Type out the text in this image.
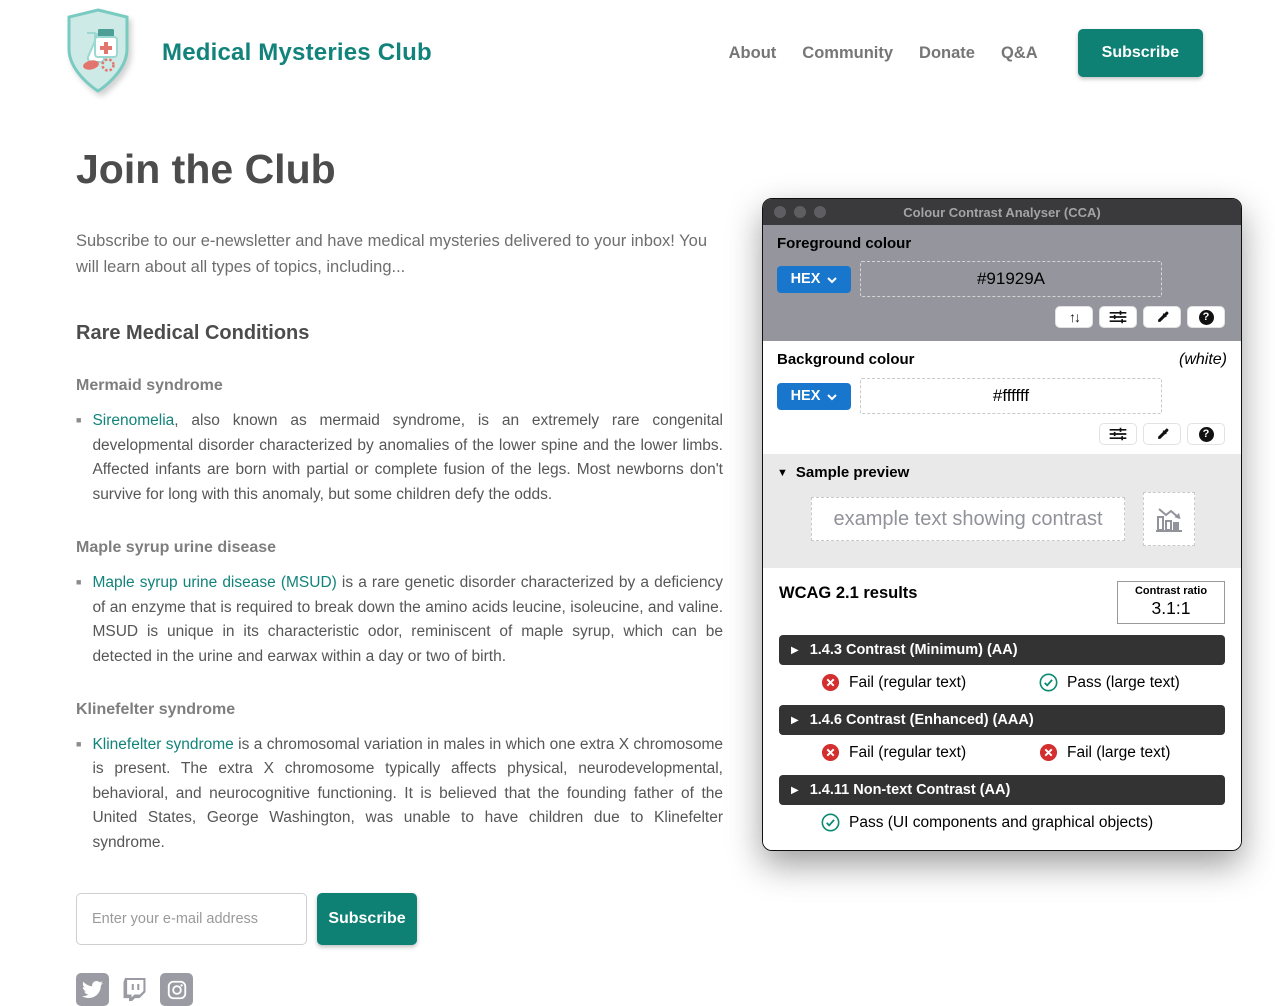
Medical Mysteries Club	About Community Donate Q&A	Subscribe
Join the Club

Subscribe to our e-newsletter and have medical mysteries delivered to your inbox! You will learn about all types of topics, including...

Rare Medical Conditions
Mermaid syndrome
■ Sirenomelia, also known as mermaid syndrome, is an extremely rare congenital developmental disorder characterized by anomalies of the lower spine and the lower limbs. Affected infants are born with partial or complete fusion of the legs. Most newborns don't survive for long with this anomaly, but some children defy the odds.

Maple syrup urine disease
■ Maple syrup urine disease (MSUD) is a rare genetic disorder characterized by a deficiency of an enzyme that is required to break down the amino acids leucine, isoleucine, and valine. MSUD is unique in its characteristic odor, reminiscent of maple syrup, which can be detected in the urine and earwax within a day or two of birth.

Klinefelter syndrome
■ Klinefelter syndrome is a chromosomal variation in males in which one extra X chromosome is present. The extra X chromosome typically affects physical, neurodevelopmental, behavioral, and neurocognitive functioning. It is believed that the founding father of the United States, George Washington, was unable to have children due to Klinefelter syndrome.

Enter your e-mail address
Subscribe
Colour Contrast Analyser (CCA)
Foreground colour
HEX
#91929A
↑↓	?
Background colour	(white)
HEX
#ffffff
?
▼ Sample preview
example text showing contrast
WCAG 2.1 results	Contrast ratio
3.1:1
▶ 1.4.3 Contrast (Minimum) (AA)
Fail (regular text)	Pass (large text)
▶ 1.4.6 Contrast (Enhanced) (AAA)
Fail (regular text)	Fail (large text)
▶ 1.4.11 Non-text Contrast (AA)
Pass (UI components and graphical objects)
